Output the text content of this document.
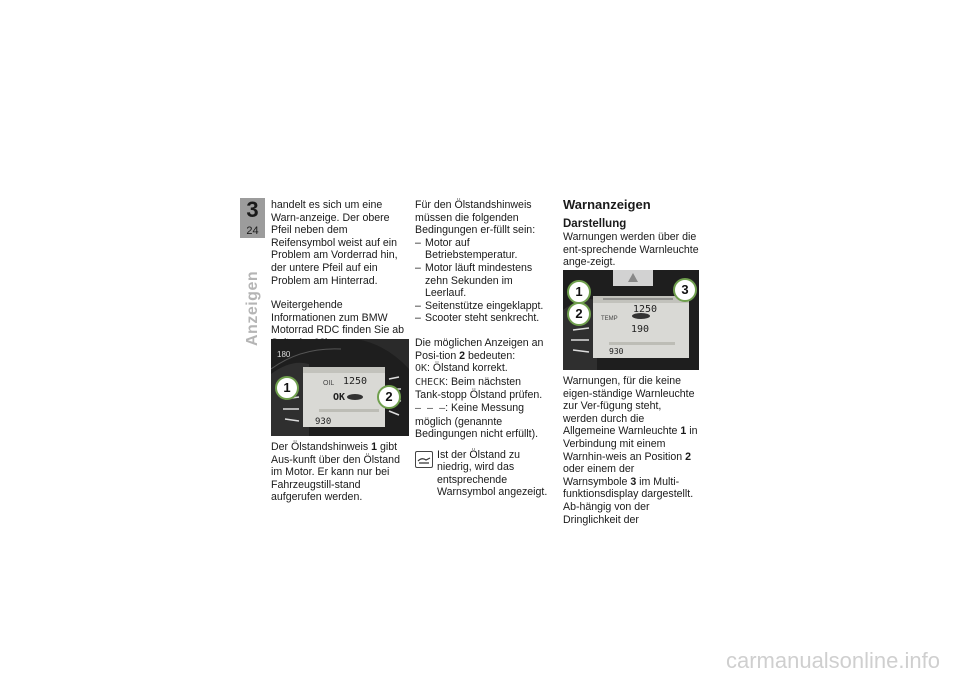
3
24
Anzeigen

handelt es sich um eine Warn-anzeige. Der obere Pfeil neben dem Reifensymbol weist auf ein Problem am Vorderrad hin, der untere Pfeil auf ein Problem am Hinterrad.

Weitergehende Informationen zum BMW Motorrad RDC finden Sie ab

180
OIL 1250
OK
930
1
2

Der Ölstandshinweis 1 gibt Aus-kunft über den Ölstand im Motor. Er kann nur bei Fahrzeugstill-stand aufgerufen werden.

Für den Ölstandshinweis müssen die folgenden Bedingungen er-füllt sein:

– Motor auf Betriebstemperatur.
– Motor läuft mindestens zehn Sekunden im Leerlauf.
– Seitenstütze eingeklappt.
– Scooter steht senkrecht.

Die möglichen Anzeigen an Posi-tion 2 bedeuten:

OK: Ölstand korrekt.

CHECK: Beim nächsten Tank-stopp Ölstand prüfen.

– – –: Keine Messung möglich (genannte Bedingungen nicht erfüllt).

Ist der Ölstand zu niedrig, wird das entsprechende Warnsymbol angezeigt.

Warnanzeigen
Darstellung

Warnungen werden über die ent-sprechende Warnleuchte ange-zeigt.

TEMP
1250
190
930
1
2
3

Warnungen, für die keine eigen-ständige Warnleuchte zur Ver-fügung steht, werden durch die Allgemeine Warnleuchte 1 in Verbindung mit einem Warnhin-weis an Position 2 oder einem der Warnsymbole 3 im Multi-funktionsdisplay dargestellt. Ab-hängig von der Dringlichkeit der

carmanualsonline.info
